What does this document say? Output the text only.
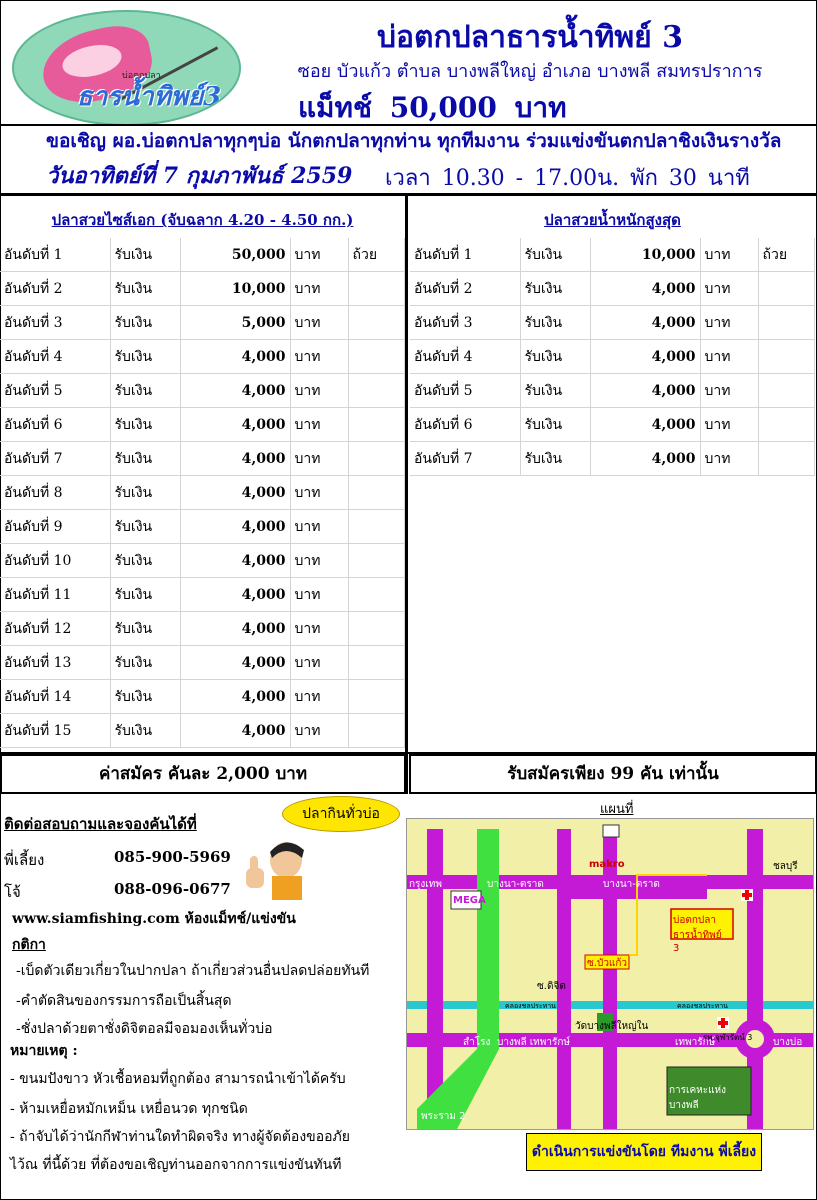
บ่อตกปลา
ธารน้ำทิพย์3
บ่อตกปลาธารน้ำทิพย์ 3
ซอย บัวแก้ว ตำบล บางพลีใหญ่ อำเภอ บางพลี สมทรปราการ
แม็ทช์ 50,000 บาท
ขอเชิญ ผอ.บ่อตกปลาทุกๆบ่อ นักตกปลาทุกท่าน ทุกทีมงาน ร่วมแข่งขันตกปลาชิงเงินรางวัล
วันอาทิตย์ที่ 7 กุมภาพันธ์ 2559 เวลา 10.30 - 17.00น. พัก 30 นาที
ปลาสวยไซส์เอก (จับฉลาก 4.20 - 4.50 กก.)	ปลาสวยน้ำหนักสูงสุด
อันดับที่ 1	รับเงิน	50,000	บาท	ถ้วย
อันดับที่ 2	รับเงิน	10,000	บาท	
อันดับที่ 3	รับเงิน	5,000	บาท	
อันดับที่ 4	รับเงิน	4,000	บาท	
อันดับที่ 5	รับเงิน	4,000	บาท	
อันดับที่ 6	รับเงิน	4,000	บาท	
อันดับที่ 7	รับเงิน	4,000	บาท	
อันดับที่ 8	รับเงิน	4,000	บาท	
อันดับที่ 9	รับเงิน	4,000	บาท	
อันดับที่ 10	รับเงิน	4,000	บาท	
อันดับที่ 11	รับเงิน	4,000	บาท	
อันดับที่ 12	รับเงิน	4,000	บาท	
อันดับที่ 13	รับเงิน	4,000	บาท	
อันดับที่ 14	รับเงิน	4,000	บาท	
อันดับที่ 15	รับเงิน	4,000	บาท	
อันดับที่ 1	รับเงิน	10,000	บาท	ถ้วย
อันดับที่ 2	รับเงิน	4,000	บาท	
อันดับที่ 3	รับเงิน	4,000	บาท	
อันดับที่ 4	รับเงิน	4,000	บาท	
อันดับที่ 5	รับเงิน	4,000	บาท	
อันดับที่ 6	รับเงิน	4,000	บาท	
อันดับที่ 7	รับเงิน	4,000	บาท	
ค่าสมัคร คันละ 2,000 บาท	รับสมัครเพียง 99 คัน เท่านั้น
ติดต่อสอบถามและจองคันได้ที่
พี่เลี้ยง	085-900-5969
โจ้	088-096-0677
ปลากินทั่วบ่อ
www.siamfishing.com ห้องแม็ทช์/แข่งขัน
กติกา
-เบ็ดตัวเดียวเกี่ยวในปากปลา ถ้าเกี่ยวส่วนอื่นปลดปล่อยทันที
-คำตัดสินของกรรมการถือเป็นสิ้นสุด
-ชั่งปลาด้วยตาชั่งดิจิตอลมีจอมองเห็นทั่วบ่อ
หมายเหตุ :
- ขนมปังขาว หัวเชื้อหอมที่ถูกต้อง สามารถนำเข้าได้ครับ
- ห้ามเหยื่อหมักเหม็น เหยื่อนวด ทุกชนิด
- ถ้าจับได้ว่านักกีฬาท่านใดทำผิดจริง ทางผู้จัดต้องขออภัย
ไว้ณ ที่นี้ด้วย ที่ต้องขอเชิญท่านออกจากการแข่งขันทันที
แผนที่
บางนา-ตราด	บางนา-ตราด
ชลบุรี
กรุงเทพ
makro
MEGA
บ่อตกปลา ธารน้ำทิพย์ 3
ซ.บัวแก้ว
ซ.ดิจิต
วัดบางพลีใหญ่ใน
สำโรง บางพลี เทพารักษ์	เทพารักษ์	บางบ่อ
พระราม 2
การเคหะแห่งบางพลี
รพ.จุฬารัตน์ 3
คลองชลประทาน	คลองชลประทาน
ดำเนินการแข่งขันโดย ทีมงาน พี่เลี้ยง
